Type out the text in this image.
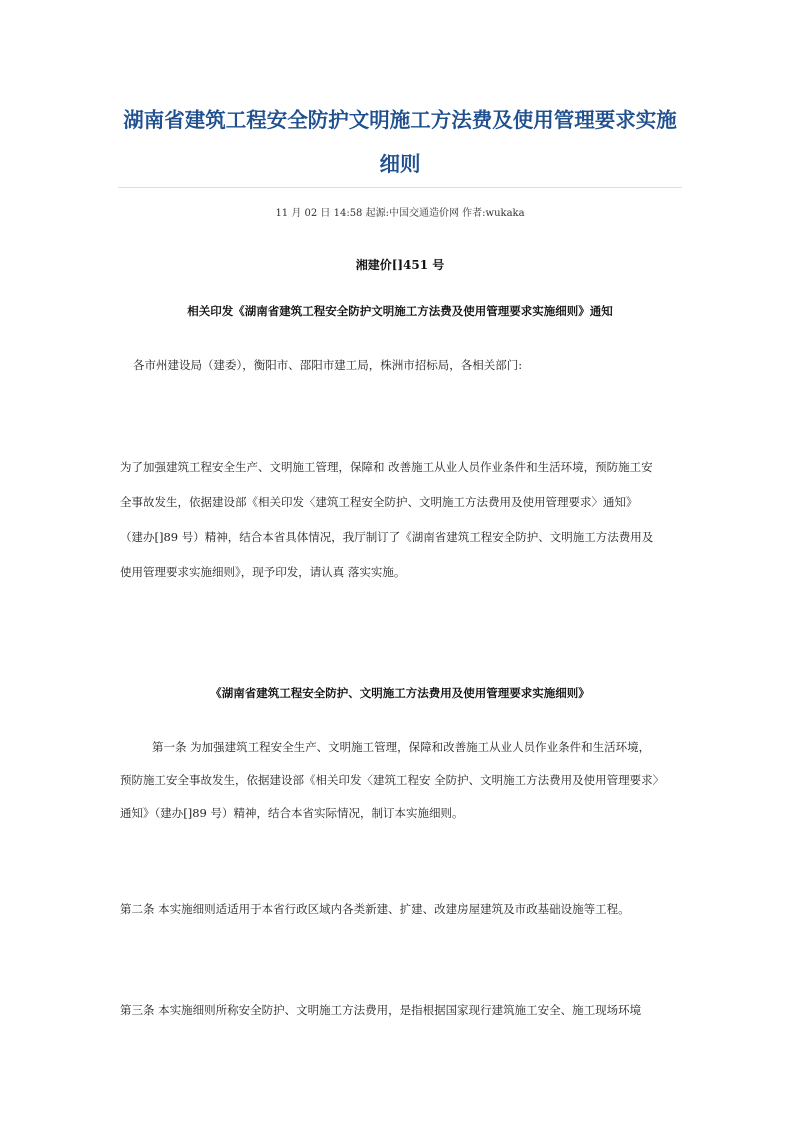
湖南省建筑工程安全防护文明施工方法费及使用管理要求实施
细则
11 月 02 日 14:58 起源:中国交通造价网 作者:wukaka
湘建价[]451 号
相关印发《湖南省建筑工程安全防护文明施工方法费及使用管理要求实施细则》通知

各市州建设局（建委），衡阳市、邵阳市建工局，株洲市招标局，各相关部门:

为了加强建筑工程安全生产、文明施工管理，保障和 改善施工从业人员作业条件和生活环境，预防施工安
全事故发生，依据建设部《相关印发〈建筑工程安全防护、文明施工方法费用及使用管理要求〉通知》
（建办[]89 号）精神，结合本省具体情况，我厅制订了《湖南省建筑工程安全防护、文明施工方法费用及
使用管理要求实施细则》，现予印发，请认真 落实实施。

《湖南省建筑工程安全防护、文明施工方法费用及使用管理要求实施细则》

第一条 为加强建筑工程安全生产、文明施工管理，保障和改善施工从业人员作业条件和生活环境，
预防施工安全事故发生，依据建设部《相关印发〈建筑工程安 全防护、文明施工方法费用及使用管理要求〉
通知》（建办[]89 号）精神，结合本省实际情况，制订本实施细则。

第二条 本实施细则适适用于本省行政区域内各类新建、扩建、改建房屋建筑及市政基础设施等工程。

第三条 本实施细则所称安全防护、文明施工方法费用，是指根据国家现行建筑施工安全、施工现场环境
